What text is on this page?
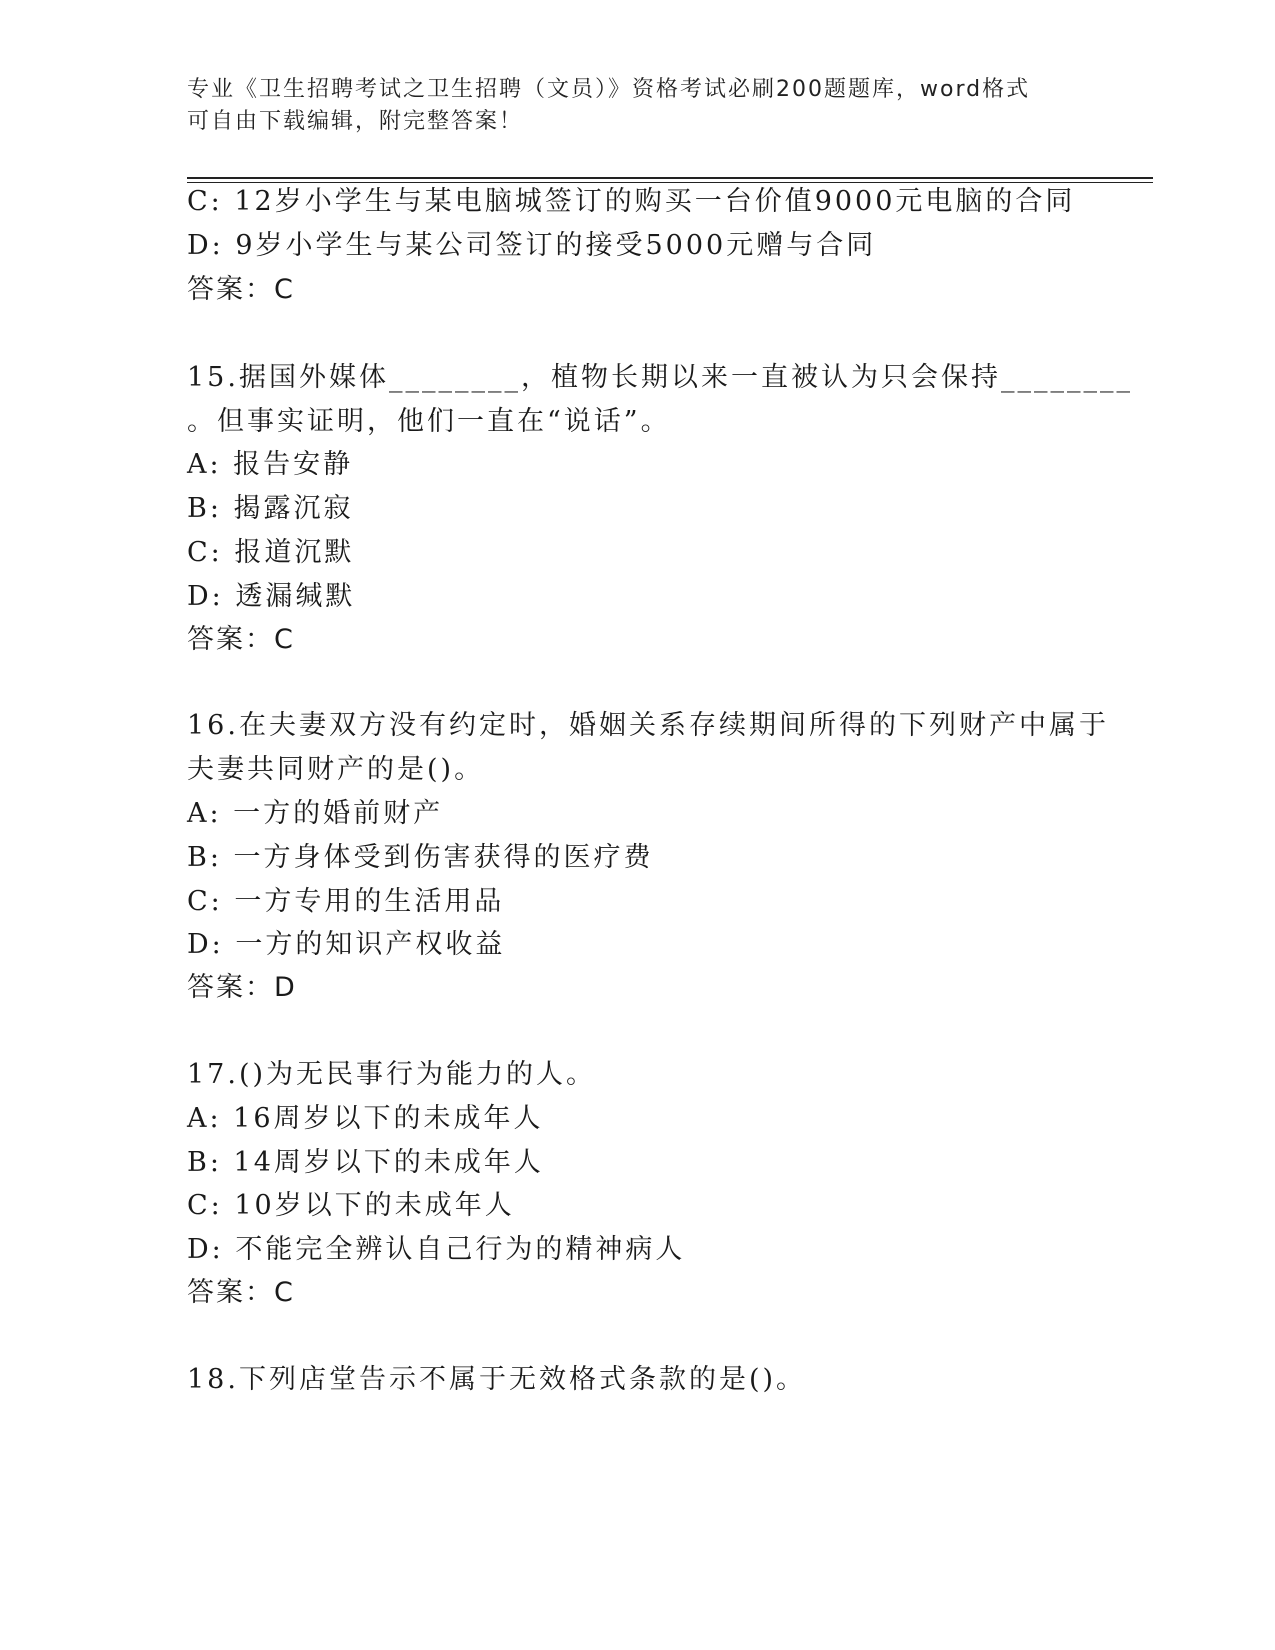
专业《卫生招聘考试之卫生招聘（文员）》资格考试必刷200题题库，word格式
可自由下载编辑，附完整答案！
C: 12岁小学生与某电脑城签订的购买一台价值9000元电脑的合同
D: 9岁小学生与某公司签订的接受5000元赠与合同
答案：C
15.据国外媒体________，植物长期以来一直被认为只会保持________
。但事实证明，他们一直在“说话”。
A: 报告安静
B: 揭露沉寂
C: 报道沉默
D: 透漏缄默
答案：C
16.在夫妻双方没有约定时，婚姻关系存续期间所得的下列财产中属于
夫妻共同财产的是()。
A: 一方的婚前财产
B: 一方身体受到伤害获得的医疗费
C: 一方专用的生活用品
D: 一方的知识产权收益
答案：D
17.()为无民事行为能力的人。
A: 16周岁以下的未成年人
B: 14周岁以下的未成年人
C: 10岁以下的未成年人
D: 不能完全辨认自己行为的精神病人
答案：C
18.下列店堂告示不属于无效格式条款的是()。
